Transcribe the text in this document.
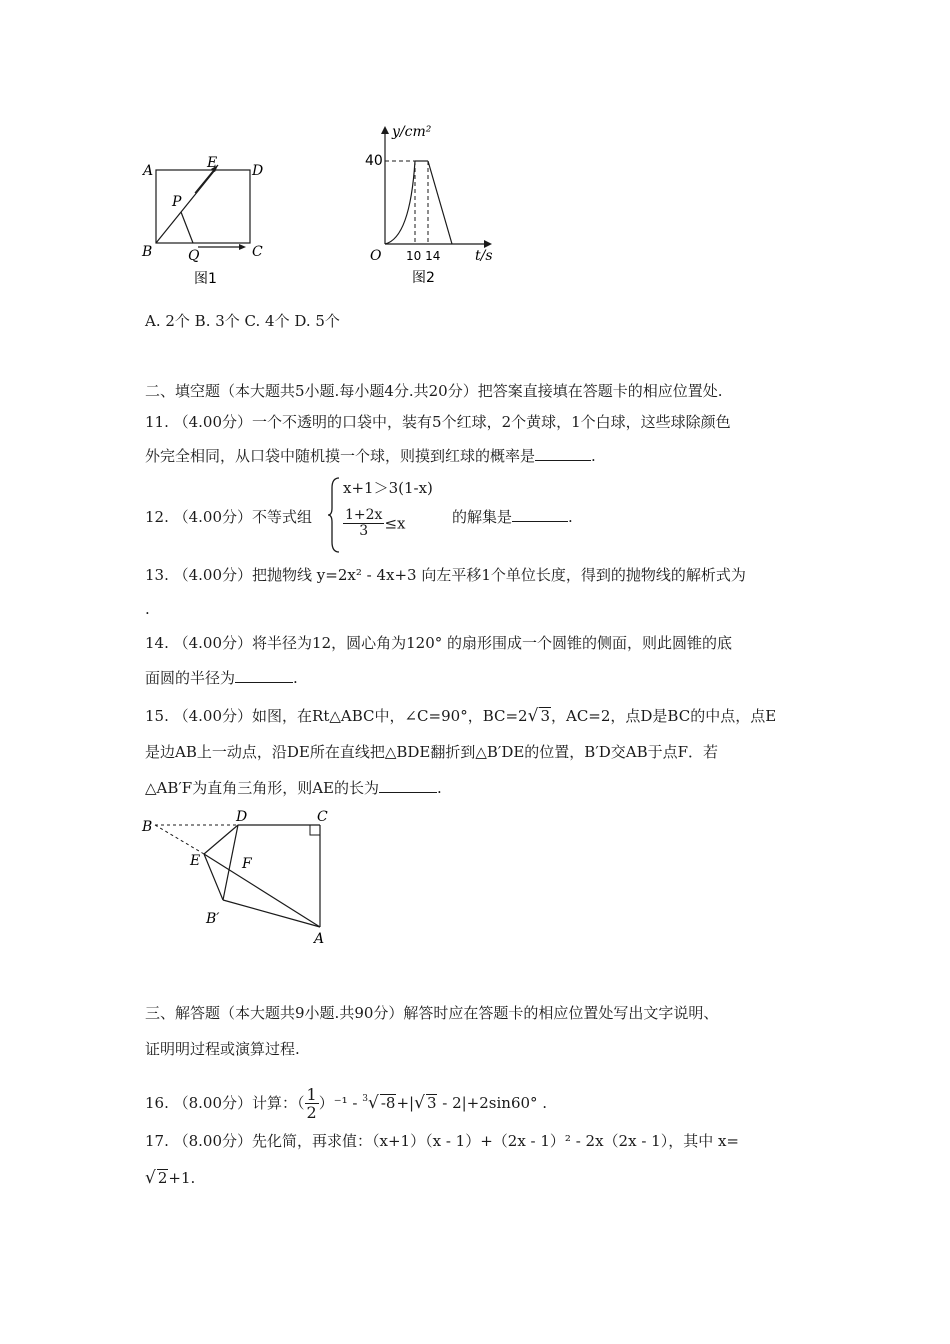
A	E D
P
B	Q	C
图1
y/cm²
40
O 10 14 t/s
图2
A. 2个 B. 3个 C. 4个 D. 5个
二、填空题（本大题共5小题.每小题4分.共20分）把答案直接填在答题卡的相应位置处.
11. （4.00分）一个不透明的口袋中，装有5个红球，2个黄球，1个白球，这些球除颜色
外完全相同，从口袋中随机摸一个球，则摸到红球的概率是	.
12. （4.00分）不等式组
x+1＞3(1-x)
$\frac{1+2x}{3} \le x$	的解集是	.
13. （4.00分）把抛物线 y=2x² - 4x+3 向左平移1个单位长度，得到的抛物线的解析式为
.
14. （4.00分）将半径为12，圆心角为120° 的扇形围成一个圆锥的侧面，则此圆锥的底
面圆的半径为	.
15. （4.00分）如图，在Rt△ABC中，∠C=90°，BC=2√ 3，AC=2，点D是BC的中点，点E
是边AB上一动点，沿DE所在直线把△BDE翻折到△B′DE的位置，B′D交AB于点F．若
△AB′F为直角三角形，则AE的长为	.
B
D	C
E	F
B′
A
三、解答题（本大题共9小题.共90分）解答时应在答题卡的相应位置处写出文字说明、
证明明过程或演算过程.
16. （8.00分）计算：（ $\frac{1}{2} )^{-1} - ^3√$ -8+|√ 3 - 2|+2sin60° .
17. （8.00分）先化简，再求值：（x+1）（x - 1）+（2x - 1）² - 2x（2x - 1），其中 x=
√ 2+1.
